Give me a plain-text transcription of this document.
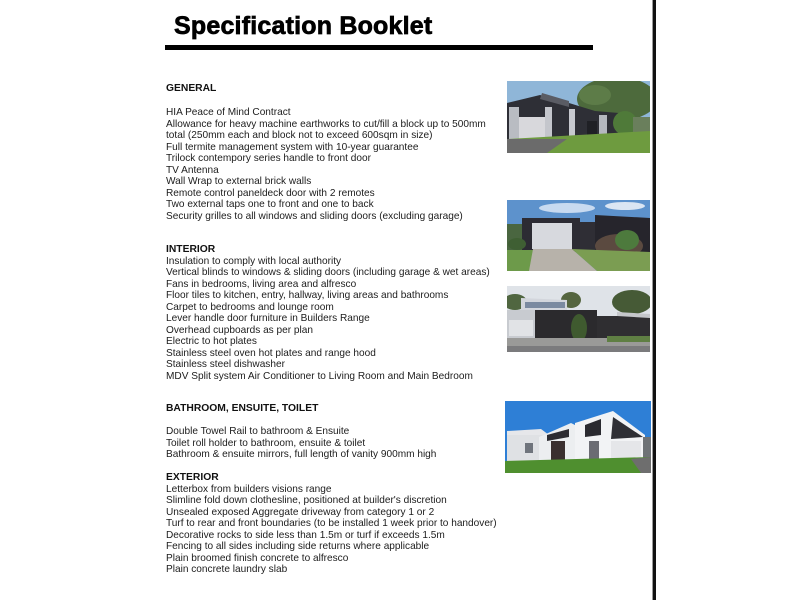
Specification Booklet
GENERAL
HIA Peace of Mind Contract
Allowance for heavy machine earthworks to cut/fill a block up to 500mm
total (250mm each and block not to exceed 600sqm in size)
Full termite management system with 10-year guarantee
Trilock contempory series handle to front door
TV Antenna
Wall Wrap to external brick walls
Remote control paneldeck door with 2 remotes
Two external taps one to front and one to back
Security grilles to all windows and sliding doors (excluding garage)
INTERIOR
Insulation to comply with local authority
Vertical blinds to windows & sliding doors (including garage & wet areas)
Fans in bedrooms, living area and alfresco
Floor tiles to kitchen, entry, hallway, living areas and bathrooms
Carpet to bedrooms and lounge room
Lever handle door furniture in Builders Range
Overhead cupboards as per plan
Electric to hot plates
Stainless steel oven hot plates and range hood
Stainless steel dishwasher
MDV Split system Air Conditioner to Living Room and Main Bedroom
BATHROOM, ENSUITE, TOILET
Double Towel Rail to bathroom & Ensuite
Toilet roll holder to bathroom, ensuite & toilet
Bathroom & ensuite mirrors, full length of vanity 900mm high
EXTERIOR
Letterbox from builders visions range
Slimline fold down clothesline, positioned at builder's discretion
Unsealed exposed Aggregate driveway from category 1 or 2
Turf to rear and front boundaries (to be installed 1 week prior to handover)
Decorative rocks to side less than 1.5m or turf if exceeds 1.5m
Fencing to all sides including side returns where applicable
Plain broomed finish concrete to alfresco
Plain concrete laundry slab
